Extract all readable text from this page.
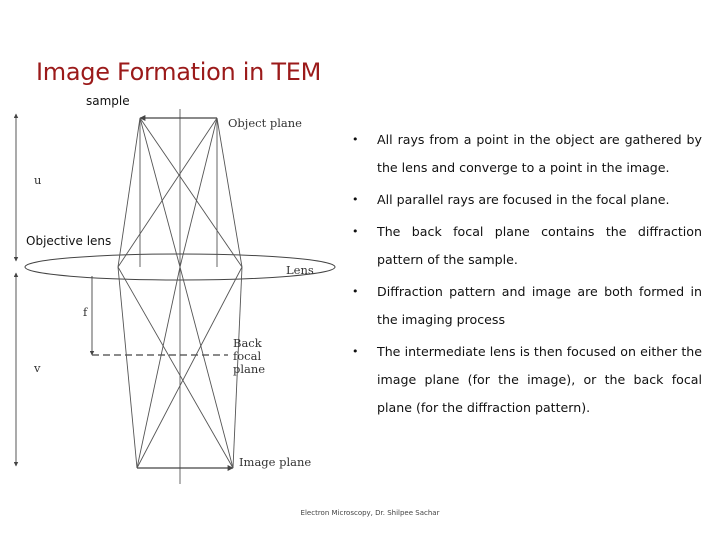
Image Formation in TEM
sample
Objective lens
Object plane
Lens
Back
focal
plane
Image plane
u
f
v
• All rays from a point in the object are gathered by the lens and converge to a point in the image.
• All parallel rays are focused in the focal plane.
• The back focal plane contains the diffraction pattern of the sample.
• Diffraction pattern and image are both formed in the imaging process
• The intermediate lens is then focused on either the image plane (for the image), or the back focal plane (for the diffraction pattern).
Electron Microscopy, Dr. Shilpee Sachar
